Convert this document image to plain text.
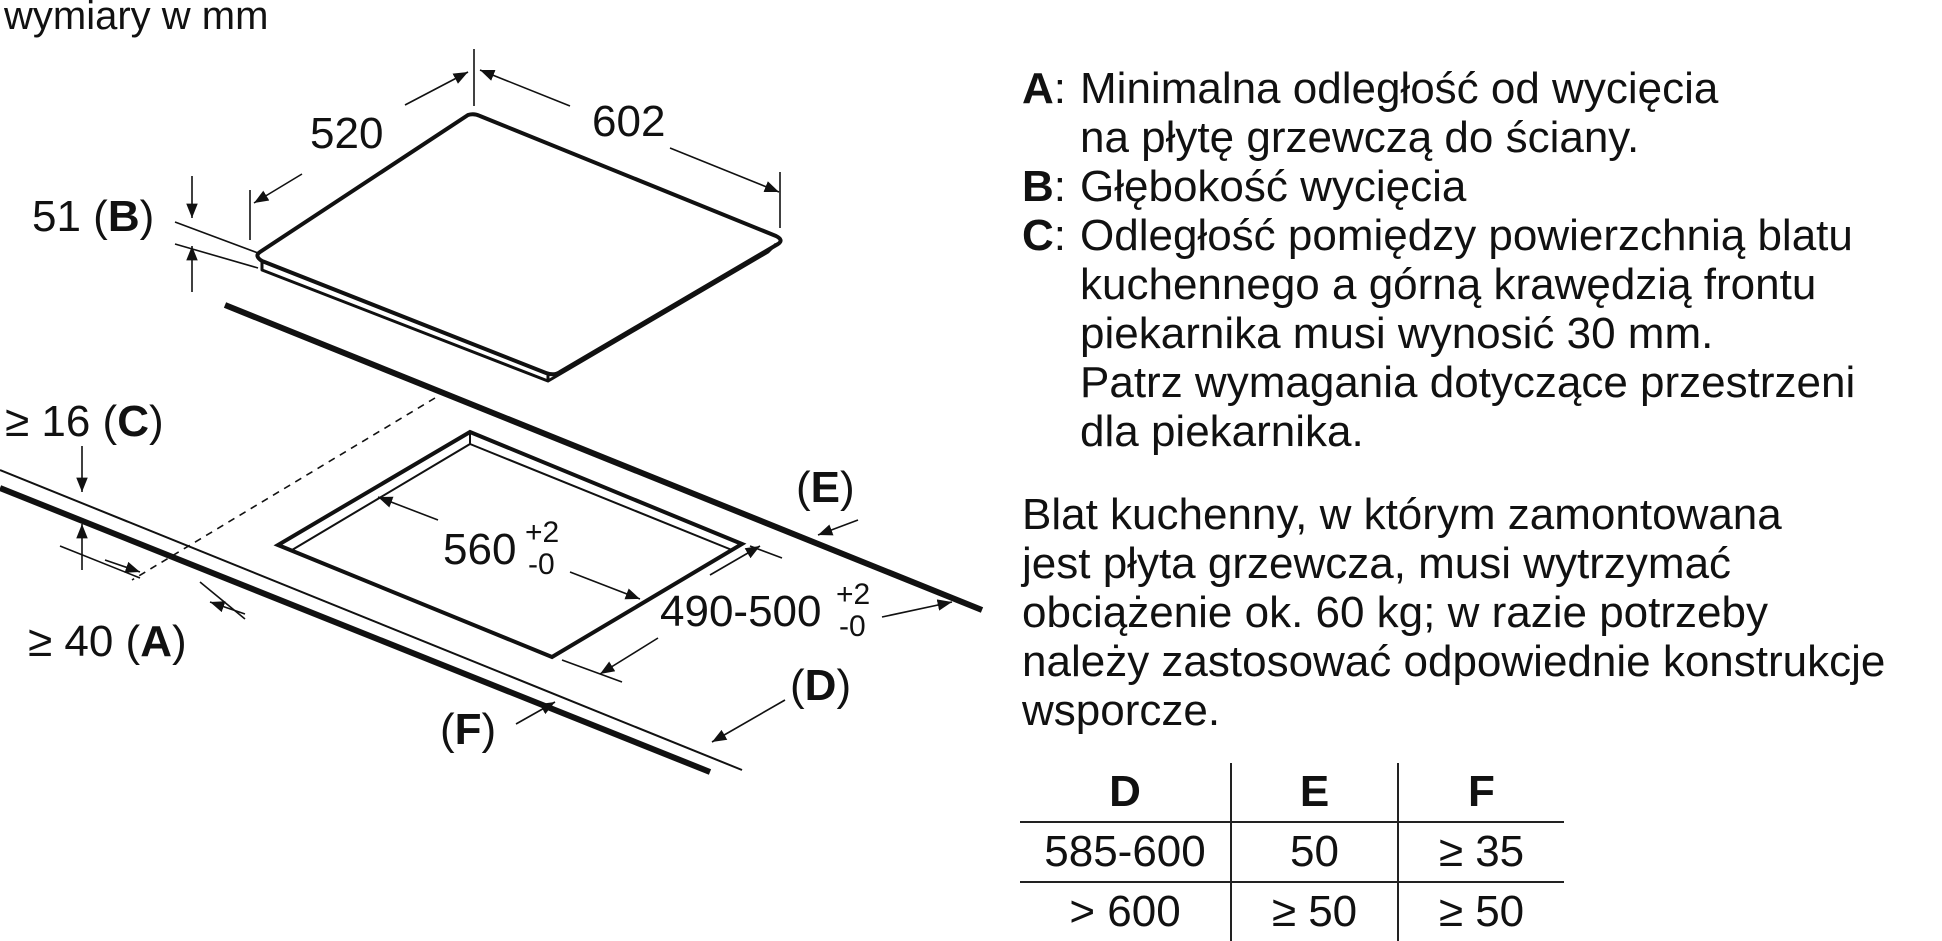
wymiary w mm
520	602
51 (B)
≥ 16 (C)
≥ 40 (A)
560 +2
-0
490-500 +2
-0
(E)
(D)
(F)
A : Minimalna odległość od wycięcia
na płytę grzewczą do ściany.
B : Głębokość wycięcia
C : Odległość pomiędzy powierzchnią blatu
kuchennego a górną krawędzią frontu
piekarnika musi wynosić 30 mm.
Patrz wymagania dotyczące przestrzeni
dla piekarnika.
Blat kuchenny, w którym zamontowana
jest płyta grzewcza, musi wytrzymać
obciążenie ok. 60 kg; w razie potrzeby
należy zastosować odpowiednie konstrukcje
wsporcze.
D	E	F
585-600	50	≥ 35
> 600	≥ 50	≥ 50
